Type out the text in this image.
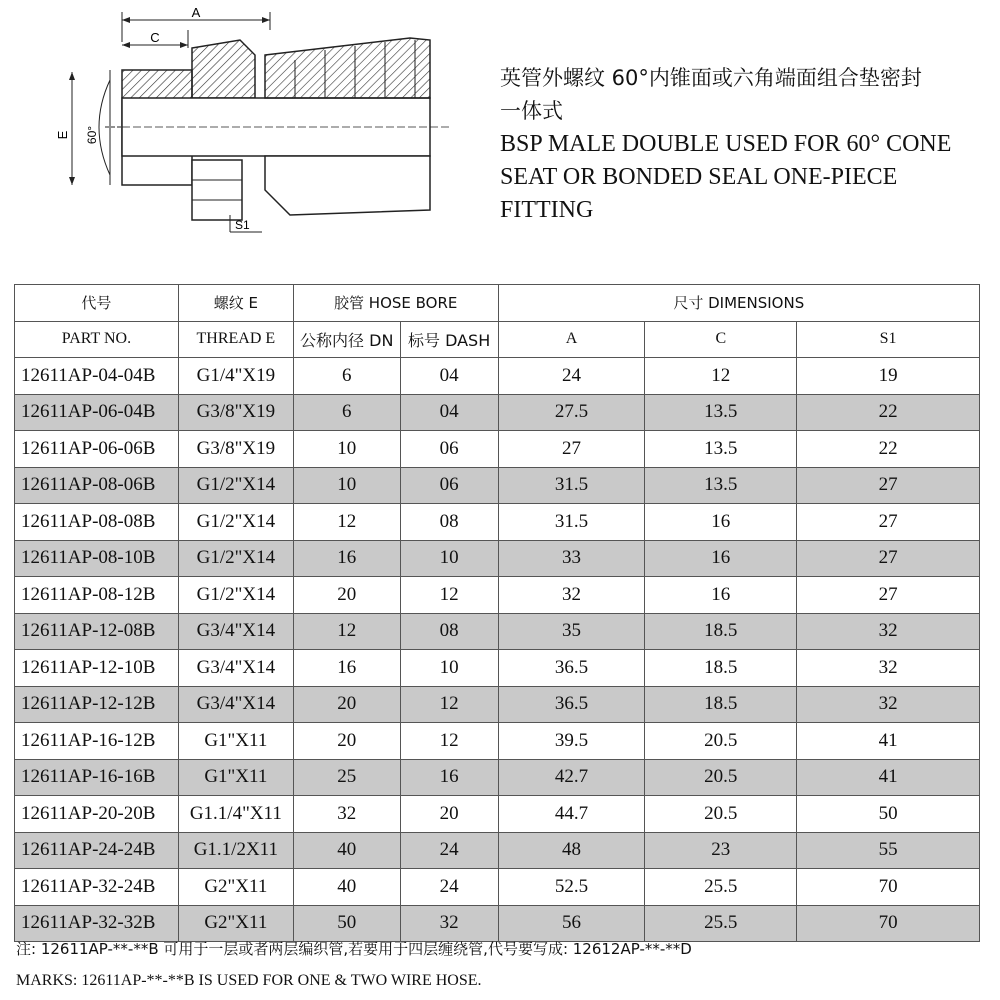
A
C
E 60°
S1
英管外螺纹 60°内锥面或六角端面组合垫密封
一体式
BSP MALE DOUBLE USED FOR 60° CONE
SEAT OR BONDED SEAL ONE-PIECE
FITTING
代号	螺纹 E	胶管 HOSE BORE		尺寸 DIMENSIONS		
PART NO.	THREAD E	公称内径 DN	标号 DASH	A	C	S1
12611AP-04-04B	G1/4"X19	6	04	24	12	19
12611AP-06-04B	G3/8"X19	6	04	27.5	13.5	22
12611AP-06-06B	G3/8"X19	10	06	27	13.5	22
12611AP-08-06B	G1/2"X14	10	06	31.5	13.5	27
12611AP-08-08B	G1/2"X14	12	08	31.5	16	27
12611AP-08-10B	G1/2"X14	16	10	33	16	27
12611AP-08-12B	G1/2"X14	20	12	32	16	27
12611AP-12-08B	G3/4"X14	12	08	35	18.5	32
12611AP-12-10B	G3/4"X14	16	10	36.5	18.5	32
12611AP-12-12B	G3/4"X14	20	12	36.5	18.5	32
12611AP-16-12B	G1"X11	20	12	39.5	20.5	41
12611AP-16-16B	G1"X11	25	16	42.7	20.5	41
12611AP-20-20B	G1.1/4"X11	32	20	44.7	20.5	50
12611AP-24-24B	G1.1/2X11	40	24	48	23	55
12611AP-32-24B	G2"X11	40	24	52.5	25.5	70
12611AP-32-32B	G2"X11	50	32	56	25.5	70
注: 12611AP-**-**B 可用于一层或者两层编织管,若要用于四层缠绕管,代号要写成: 12612AP-**-**D
MARKS: 12611AP-**-**B IS USED FOR ONE & TWO WIRE HOSE.
